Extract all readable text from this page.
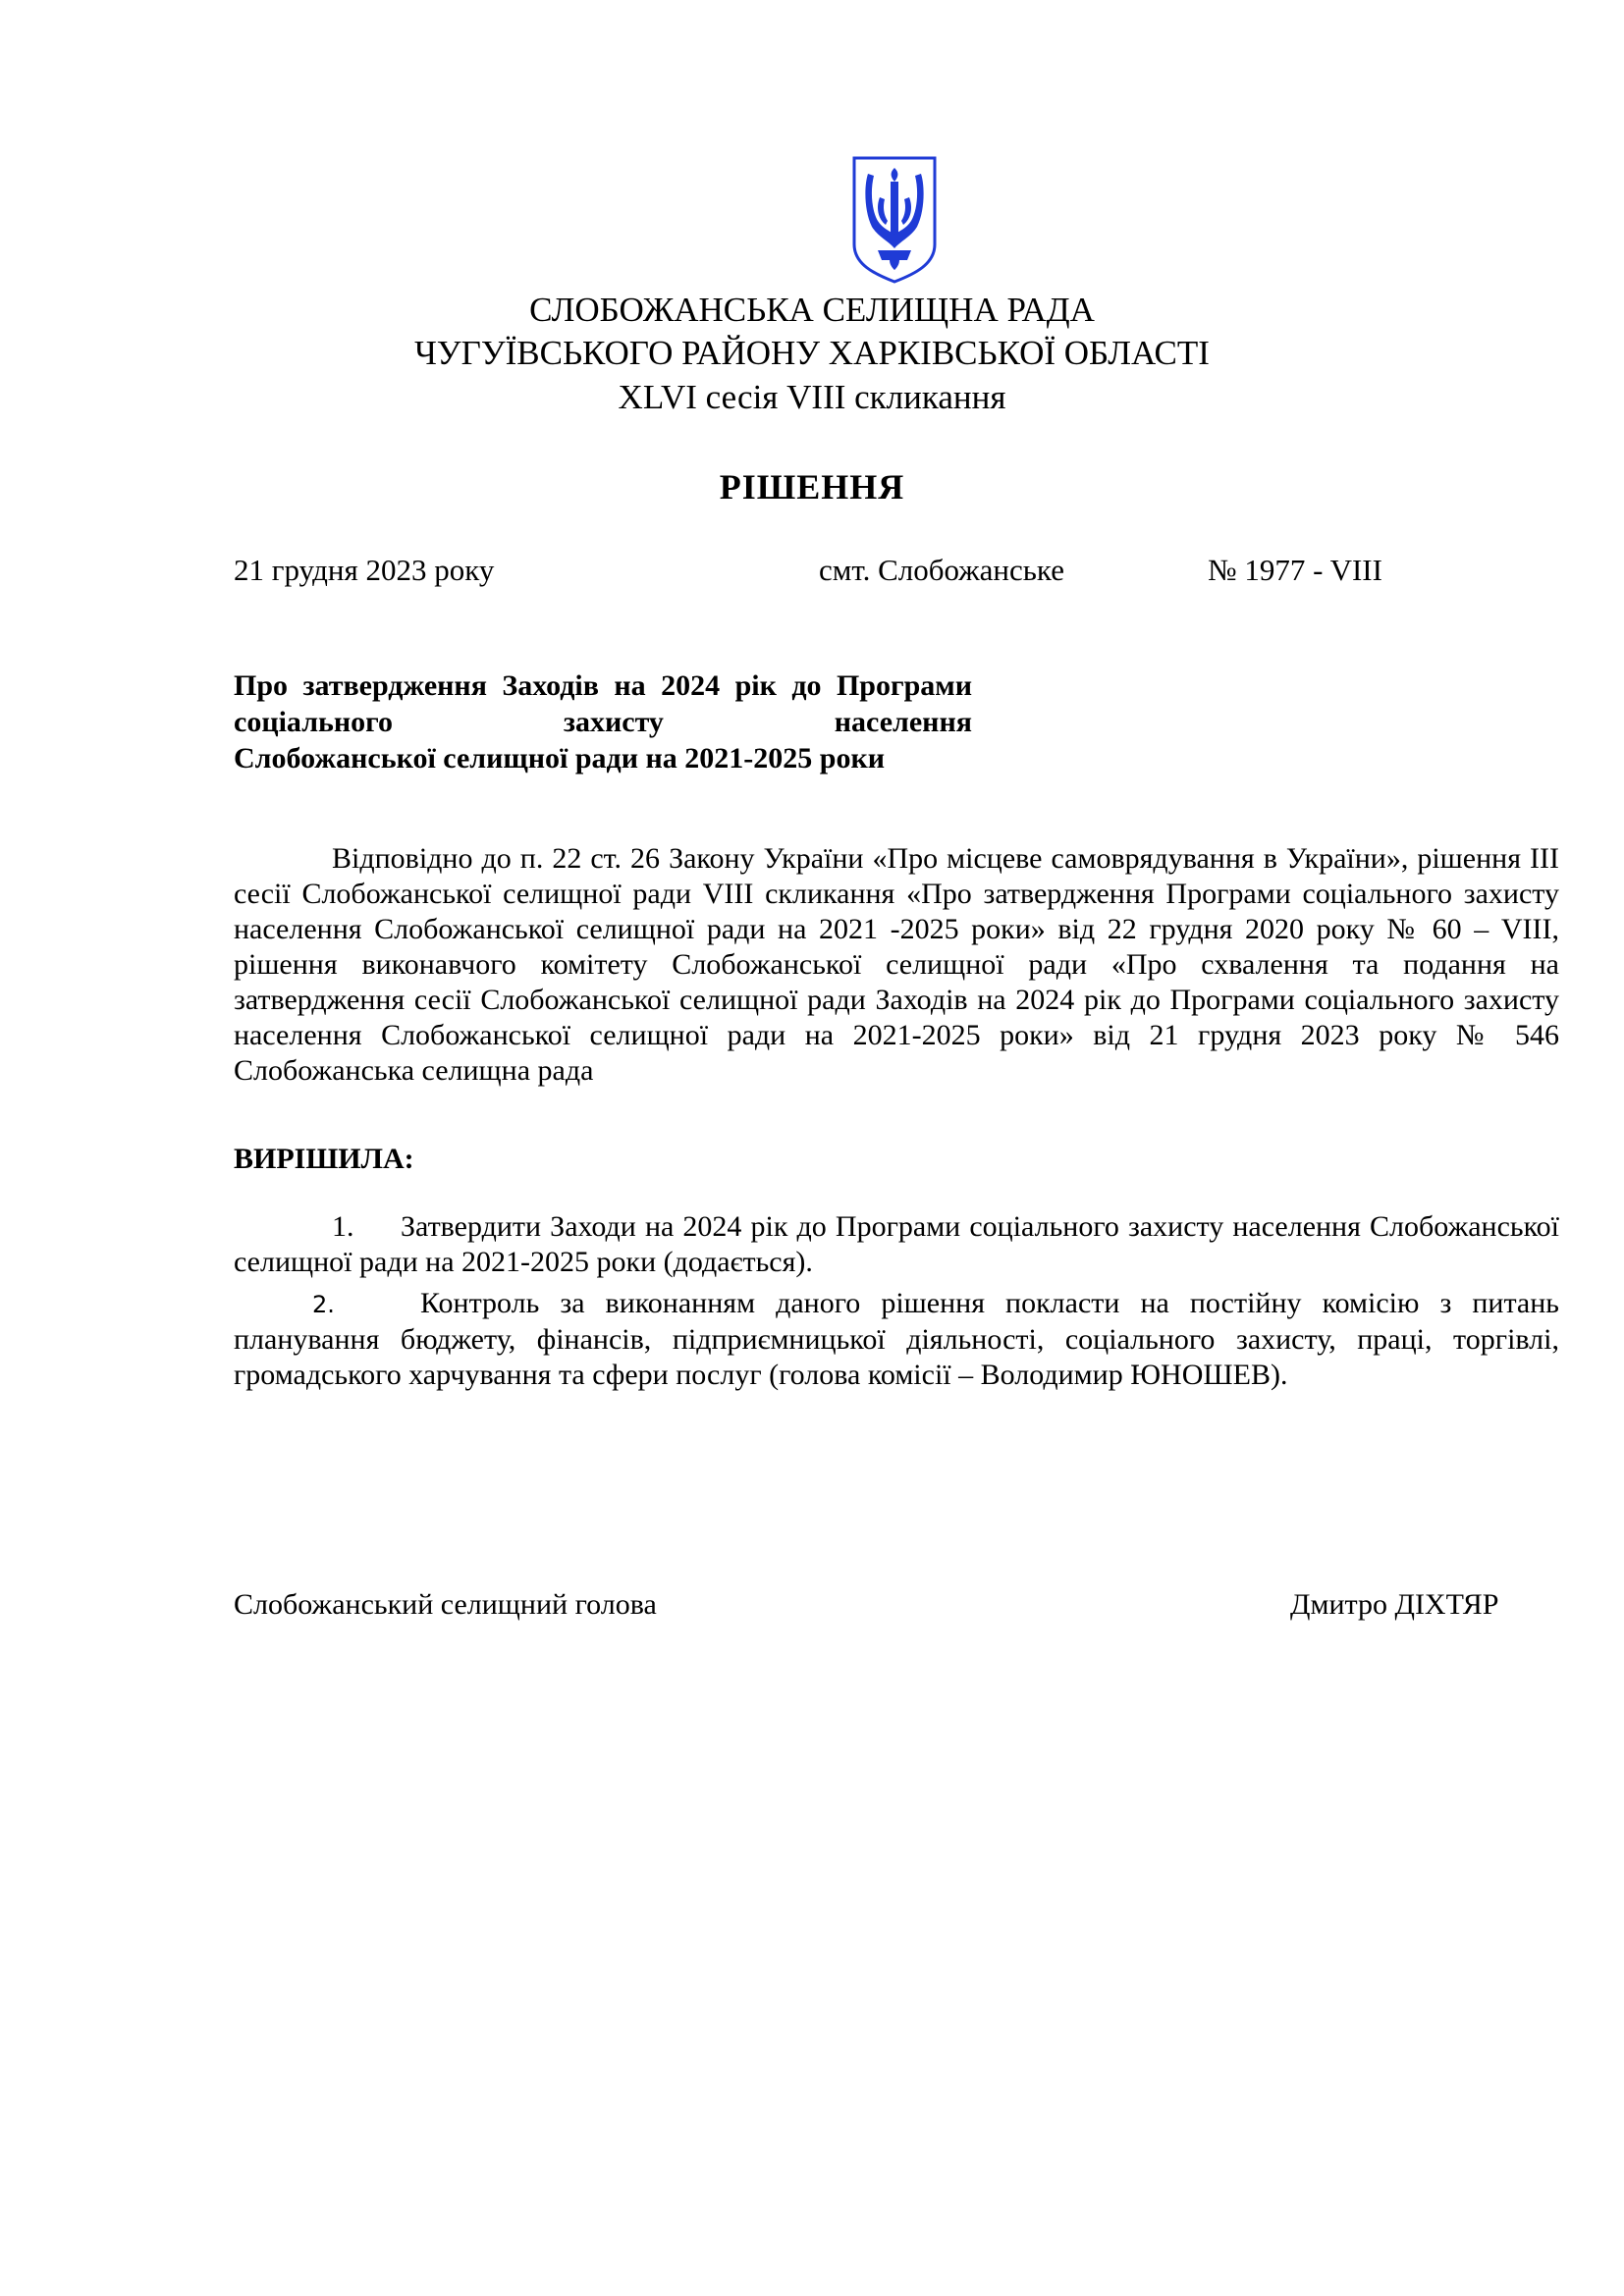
СЛОБОЖАНСЬКА СЕЛИЩНА РАДА
ЧУГУЇВСЬКОГО РАЙОНУ ХАРКІВСЬКОЇ ОБЛАСТІ
XLVI сесія VIII скликання
РІШЕННЯ
21 грудня 2023 року	смт. Слобожанське	№ 1977 - VIII
Про затвердження Заходів на 2024 рік до Програми соціального захисту населення
Слобожанської селищної ради на 2021-2025 роки
Відповідно до п. 22 ст. 26 Закону України «Про місцеве самоврядування в України», рішення ІІІ сесії Слобожанської селищної ради VIII скликання «Про затвердження Програми соціального захисту населення Слобожанської селищної ради на 2021 -2025 роки» від 22 грудня 2020 року № 60 – VIII, рішення виконавчого комітету Слобожанської селищної ради «Про схвалення та подання на затвердження сесії Слобожанської селищної ради Заходів на 2024 рік до Програми соціального захисту населення Слобожанської селищної ради на 2021-2025 роки» від 21 грудня 2023 року № 546 Слобожанська селищна рада
ВИРІШИЛА:
1. Затвердити Заходи на 2024 рік до Програми соціального захисту населення Слобожанської селищної ради на 2021-2025 роки (додається).
2.	Контроль за виконанням даного рішення покласти на постійну комісію з питань планування бюджету, фінансів, підприємницької діяльності, соціального захисту, праці, торгівлі, громадського харчування та сфери послуг (голова комісії – Володимир ЮНОШЕВ).
Слобожанський селищний голова	Дмитро ДІХТЯР
